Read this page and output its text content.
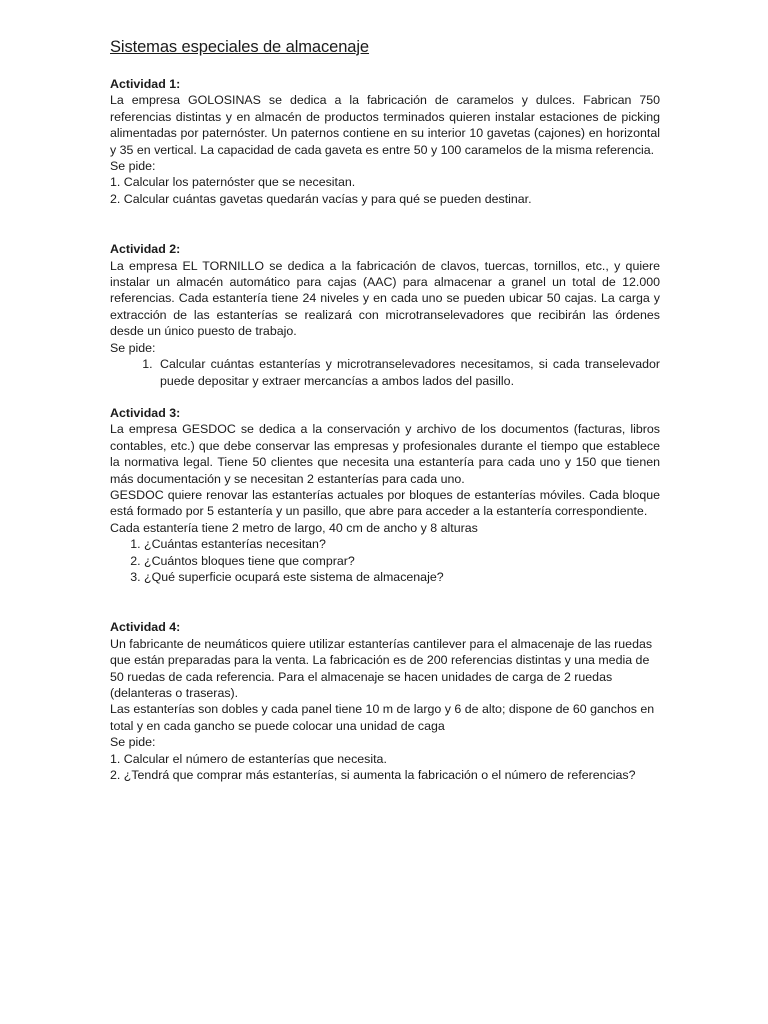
Sistemas especiales de almacenaje
Actividad 1:

La empresa GOLOSINAS se dedica a la fabricación de caramelos y dulces. Fabrican 750 referencias distintas y en almacén de productos terminados quieren instalar estaciones de picking alimentadas por paternóster. Un paternos contiene en su interior 10 gavetas (cajones) en horizontal y 35 en vertical. La capacidad de cada gaveta es entre 50 y 100 caramelos de la misma referencia.

Se pide:
1. Calcular los paternóster que se necesitan.
2. Calcular cuántas gavetas quedarán vacías y para qué se pueden destinar.
Actividad 2:

La empresa EL TORNILLO se dedica a la fabricación de clavos, tuercas, tornillos, etc., y quiere instalar un almacén automático para cajas (AAC) para almacenar a granel un total de 12.000 referencias. Cada estantería tiene 24 niveles y en cada uno se pueden ubicar 50 cajas. La carga y extracción de las estanterías se realizará con microtranselevadores que recibirán las órdenes desde un único puesto de trabajo.

Se pide:
1. Calcular cuántas estanterías y microtranselevadores necesitamos, si cada transelevador puede depositar y extraer mercancías a ambos lados del pasillo.
Actividad 3:

La empresa GESDOC se dedica a la conservación y archivo de los documentos (facturas, libros contables, etc.) que debe conservar las empresas y profesionales durante el tiempo que establece la normativa legal. Tiene 50 clientes que necesita una estantería para cada uno y 150 que tienen más documentación y se necesitan 2 estanterías para cada uno.

GESDOC quiere renovar las estanterías actuales por bloques de estanterías móviles. Cada bloque está formado por 5 estantería y un pasillo, que abre para acceder a la estantería correspondiente.

Cada estantería tiene 2 metro de largo, 40 cm de ancho y 8 alturas

1. ¿Cuántas estanterías necesitan?
2. ¿Cuántos bloques tiene que comprar?
3. ¿Qué superficie ocupará este sistema de almacenaje?
Actividad 4:

Un fabricante de neumáticos quiere utilizar estanterías cantilever para el almacenaje de las ruedas que están preparadas para la venta. La fabricación es de 200 referencias distintas y una media de 50 ruedas de cada referencia. Para el almacenaje se hacen unidades de carga de 2 ruedas (delanteras o traseras).

Las estanterías son dobles y cada panel tiene 10 m de largo y 6 de alto; dispone de 60 ganchos en total y en cada gancho se puede colocar una unidad de caga

Se pide:
1. Calcular el número de estanterías que necesita.
2. ¿Tendrá que comprar más estanterías, si aumenta la fabricación o el número de referencias?
